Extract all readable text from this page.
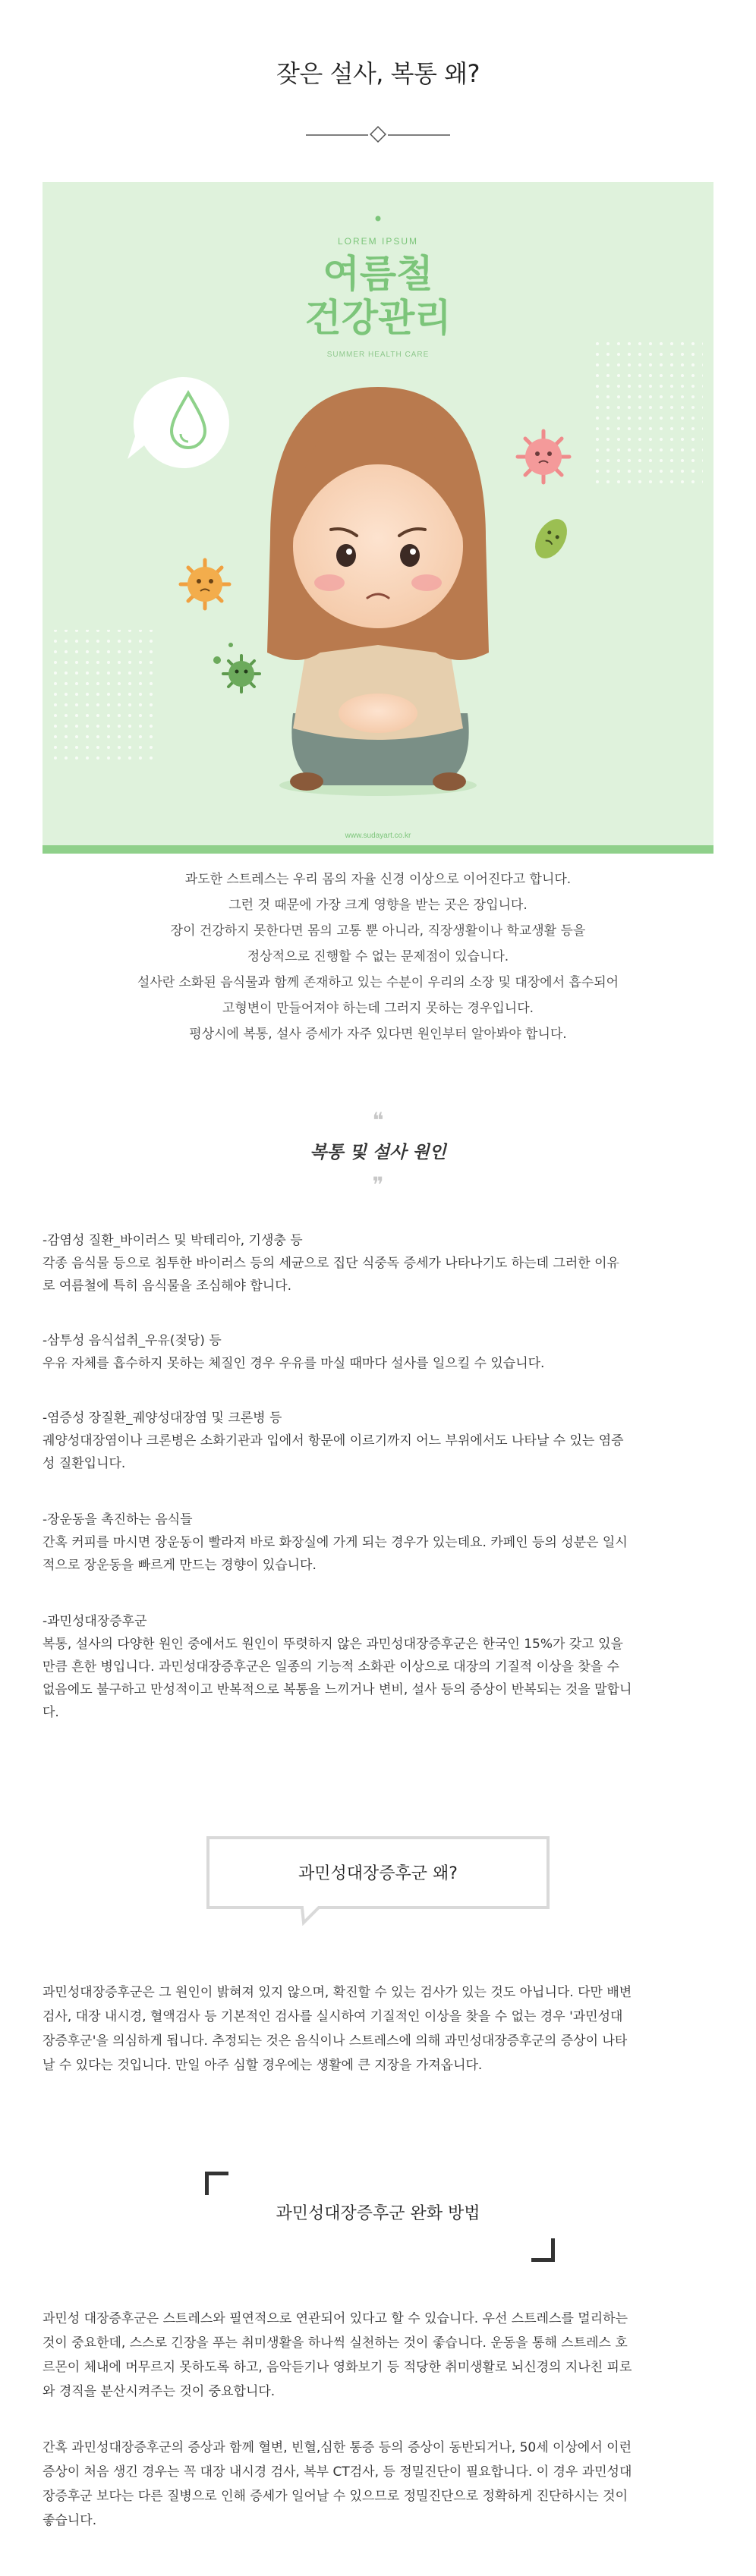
잦은 설사, 복통 왜?
LOREM IPSUM
여름철
건강관리
SUMMER HEALTH CARE
www.sudayart.co.kr

과도한 스트레스는 우리 몸의 자율 신경 이상으로 이어진다고 합니다.

그런 것 때문에 가장 크게 영향을 받는 곳은 장입니다.

장이 건강하지 못한다면 몸의 고통 뿐 아니라, 직장생활이나 학교생활 등을

정상적으로 진행할 수 없는 문제점이 있습니다.

설사란 소화된 음식물과 함께 존재하고 있는 수분이 우리의 소장 및 대장에서 흡수되어

고형변이 만들어져야 하는데 그러지 못하는 경우입니다.

평상시에 복통, 설사 증세가 자주 있다면 원인부터 알아봐야 합니다.

❝
복통 및 설사 원인
❞

-감염성 질환_바이러스 및 박테리아, 기생충 등

각종 음식물 등으로 침투한 바이러스 등의 세균으로 집단 식중독 증세가 나타나기도 하는데 그러한 이유

로 여름철에 특히 음식물을 조심해야 합니다.

-삼투성 음식섭취_우유(젖당) 등

우유 자체를 흡수하지 못하는 체질인 경우 우유를 마실 때마다 설사를 일으킬 수 있습니다.

-염증성 장질환_궤양성대장염 및 크론병 등

궤양성대장염이나 크론병은 소화기관과 입에서 항문에 이르기까지 어느 부위에서도 나타날 수 있는 염증

성 질환입니다.

-장운동을 촉진하는 음식들

간혹 커피를 마시면 장운동이 빨라져 바로 화장실에 가게 되는 경우가 있는데요. 카페인 등의 성분은 일시

적으로 장운동을 빠르게 만드는 경향이 있습니다.

-과민성대장증후군

복통, 설사의 다양한 원인 중에서도 원인이 뚜렷하지 않은 과민성대장증후군은 한국인 15%가 갖고 있을

만큼 흔한 병입니다. 과민성대장증후군은 일종의 기능적 소화관 이상으로 대장의 기질적 이상을 찾을 수

없음에도 불구하고 만성적이고 반복적으로 복통을 느끼거나 변비, 설사 등의 증상이 반복되는 것을 말합니

다.

과민성대장증후군 왜?
과민성대장증후군은 그 원인이 밝혀져 있지 않으며, 확진할 수 있는 검사가 있는 것도 아닙니다. 다만 배변
검사, 대장 내시경, 혈액검사 등 기본적인 검사를 실시하여 기질적인 이상을 찾을 수 없는 경우 '과민성대
장증후군'을 의심하게 됩니다. 추정되는 것은 음식이나 스트레스에 의해 과민성대장증후군의 증상이 나타
날 수 있다는 것입니다. 만일 아주 심할 경우에는 생활에 큰 지장을 가져옵니다.
과민성대장증후군 완화 방법
과민성 대장증후군은 스트레스와 필연적으로 연관되어 있다고 할 수 있습니다. 우선 스트레스를 멀리하는
것이 중요한데, 스스로 긴장을 푸는 취미생활을 하나씩 실천하는 것이 좋습니다. 운동을 통해 스트레스 호
르몬이 체내에 머무르지 못하도록 하고, 음악듣기나 영화보기 등 적당한 취미생활로 뇌신경의 지나친 피로
와 경직을 분산시켜주는 것이 중요합니다.
간혹 과민성대장증후군의 증상과 함께 혈변, 빈혈,심한 통증 등의 증상이 동반되거나, 50세 이상에서 이런
증상이 처음 생긴 경우는 꼭 대장 내시경 검사, 복부 CT검사, 등 정밀진단이 필요합니다. 이 경우 과민성대
장증후군 보다는 다른 질병으로 인해 증세가 일어날 수 있으므로 정밀진단으로 정확하게 진단하시는 것이
좋습니다.
